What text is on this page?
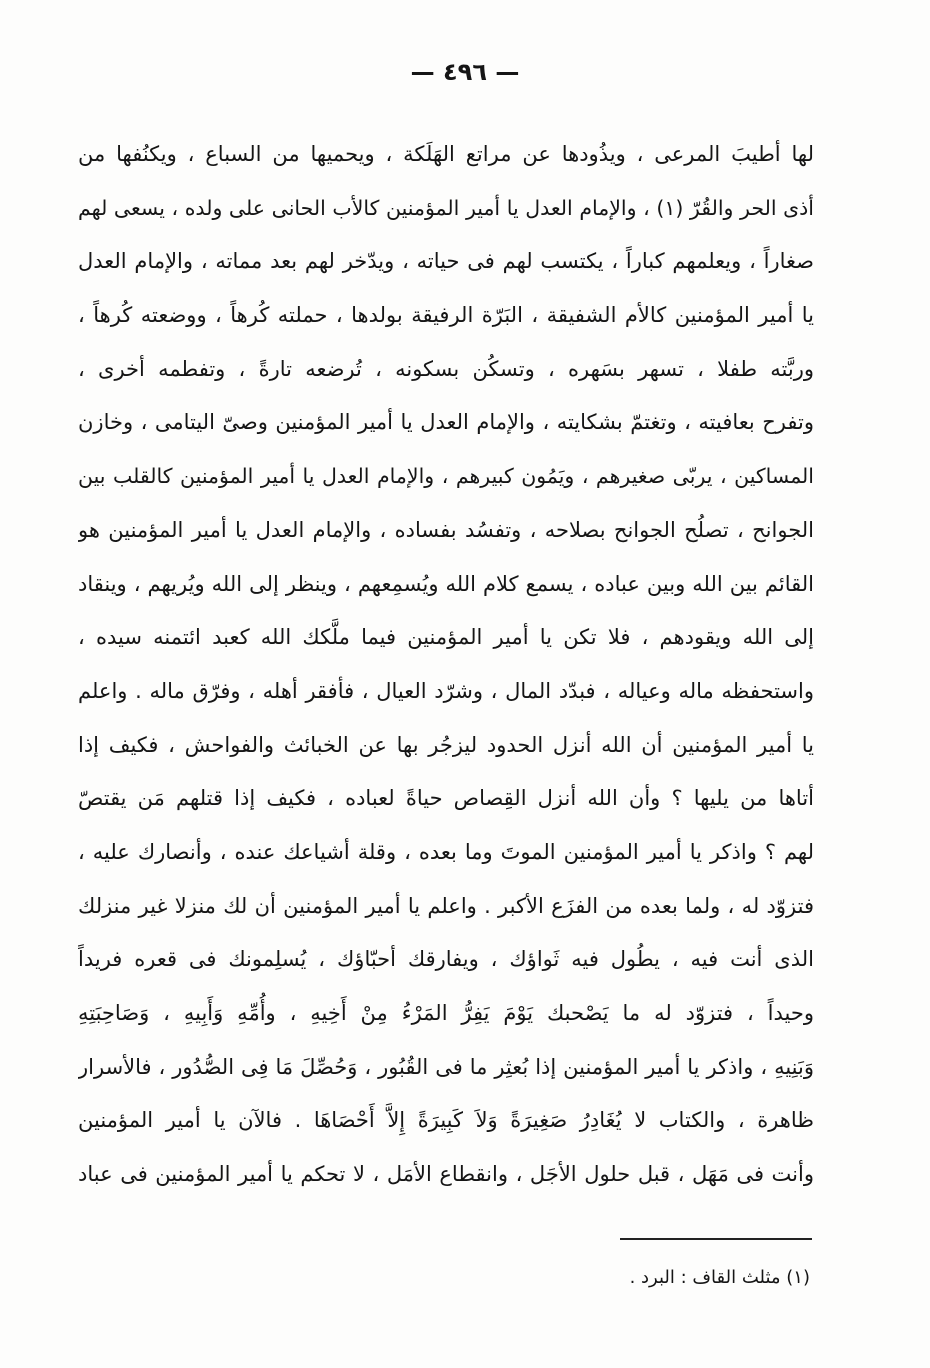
— ٤٩٦ —
لها أطيبَ المرعى ، ويذُودها عن مراتع الهَلَكة ، ويحميها من السباع ، ويكنُفها من
أذى الحر والقُرّ (١) ، والإمام العدل يا أمير المؤمنين كالأب الحانى على ولده ، يسعى لهم
صغاراً ، ويعلمهم كباراً ، يكتسب لهم فى حياته ، ويدّخر لهم بعد مماته ، والإمام العدل
يا أمير المؤمنين كالأم الشفيقة ، البَرّة الرفيقة بولدها ، حملته كُرهاً ، ووضعته كُرهاً ،
وربَّته طفلا ، تسهر بسَهره ، وتسكُن بسكونه ، تُرضعه تارةً ، وتفطمه أخرى ،
وتفرح بعافيته ، وتغتمّ بشكايته ، والإمام العدل يا أمير المؤمنين وصىّ اليتامى ، وخازن
المساكين ، يربّى صغيرهم ، ويَمُون كبيرهم ، والإمام العدل يا أمير المؤمنين كالقلب بين
الجوانح ، تصلُح الجوانح بصلاحه ، وتفسُد بفساده ، والإمام العدل يا أمير المؤمنين هو
القائم بين الله وبين عباده ، يسمع كلام الله ويُسمِعهم ، وينظر إلى الله ويُريهم ، وينقاد
إلى الله ويقودهم ، فلا تكن يا أمير المؤمنين فيما ملَّكك الله كعبد ائتمنه سيده ،
واستحفظه ماله وعياله ، فبدّد المال ، وشرّد العيال ، فأفقر أهله ، وفرّق ماله . واعلم
يا أمير المؤمنين أن الله أنزل الحدود ليزجُر بها عن الخبائث والفواحش ، فكيف إذا
أتاها من يليها ؟ وأن الله أنزل القِصاص حياةً لعباده ، فكيف إذا قتلهم مَن يقتصّ
لهم ؟ واذكر يا أمير المؤمنين الموتَ وما بعده ، وقلة أشياعك عنده ، وأنصارك عليه ،
فتزوّد له ، ولما بعده من الفزَع الأكبر . واعلم يا أمير المؤمنين أن لك منزلا غير منزلك
الذى أنت فيه ، يطُول فيه ثَواؤك ، ويفارقك أحبّاؤك ، يُسلِمونك فى قعره فريداً
وحيداً ، فتزوّد له ما يَصْحبك يَوْمَ يَفِرُّ المَرْءُ مِنْ أَخِيهِ ، وأُمِّهِ وَأَبِيهِ ، وَصَاحِبَتِهِ
وَبَنِيهِ ، واذكر يا أمير المؤمنين إذا بُعثِر ما فى القُبُور ، وَحُصِّلَ مَا فِى الصُّدُور ، فالأسرار
ظاهرة ، والكتاب لا يُغَادِرُ صَغِيرَةً وَلاَ كَبِيرَةً إِلاَّ أَحْصَاهَا . فالآن يا أمير المؤمنين
وأنت فى مَهَل ، قبل حلول الأجَل ، وانقطاع الأمَل ، لا تحكم يا أمير المؤمنين فى عباد
(١) مثلث القاف : البرد .
